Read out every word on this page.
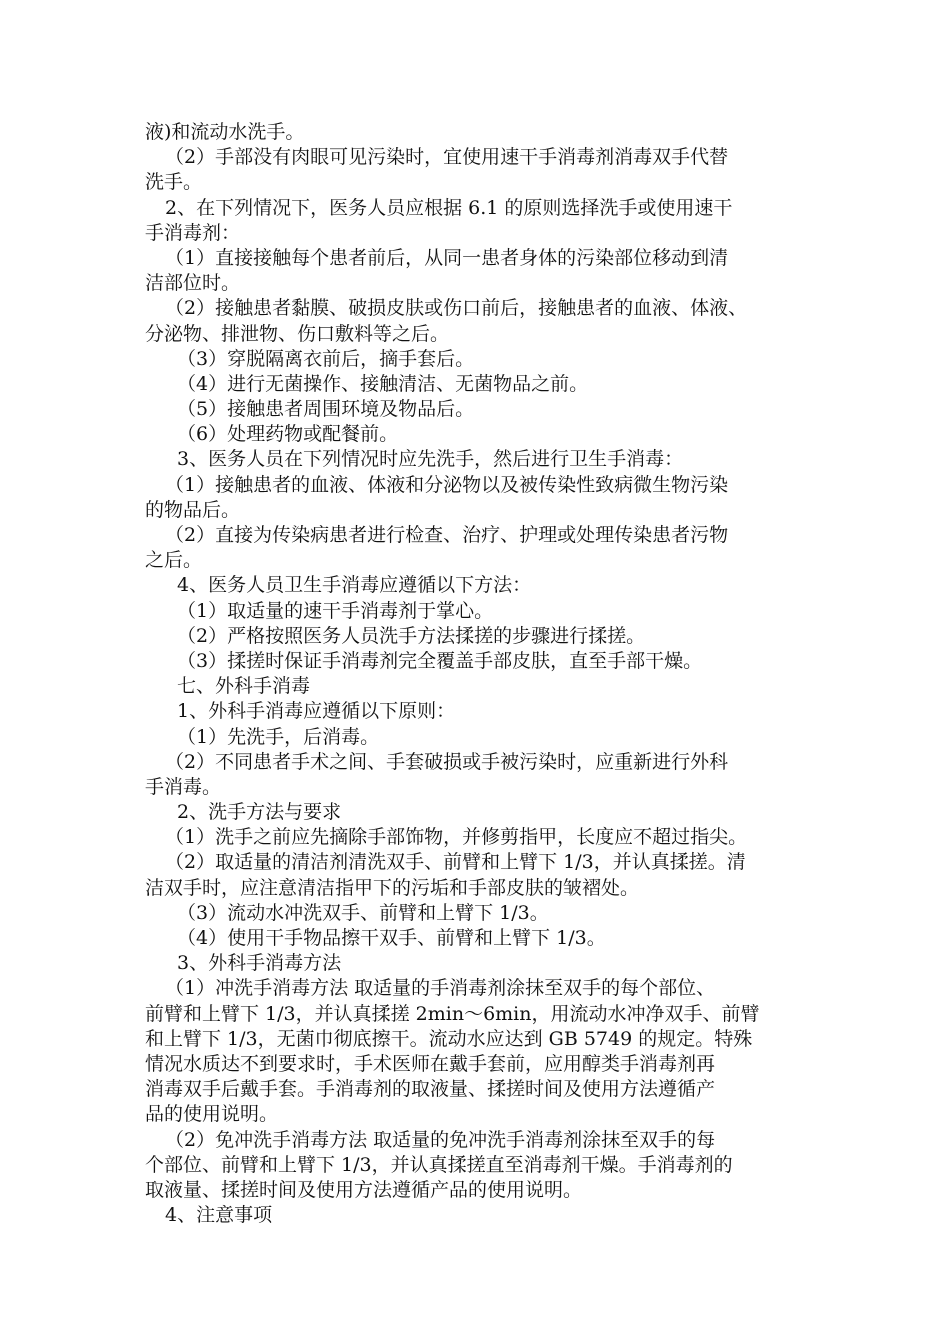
液)和流动水洗手。
（2）手部没有肉眼可见污染时，宜使用速干手消毒剂消毒双手代替
洗手。
2、在下列情况下，医务人员应根据 6.1 的原则选择洗手或使用速干
手消毒剂：
（1）直接接触每个患者前后，从同一患者身体的污染部位移动到清
洁部位时。
（2）接触患者黏膜、破损皮肤或伤口前后，接触患者的血液、体液、
分泌物、排泄物、伤口敷料等之后。
（3）穿脱隔离衣前后，摘手套后。
（4）进行无菌操作、接触清洁、无菌物品之前。
（5）接触患者周围环境及物品后。
（6）处理药物或配餐前。
3、医务人员在下列情况时应先洗手，然后进行卫生手消毒：
（1）接触患者的血液、体液和分泌物以及被传染性致病微生物污染
的物品后。
（2）直接为传染病患者进行检查、治疗、护理或处理传染患者污物
之后。
4、医务人员卫生手消毒应遵循以下方法：
（1）取适量的速干手消毒剂于掌心。
（2）严格按照医务人员洗手方法揉搓的步骤进行揉搓。
（3）揉搓时保证手消毒剂完全覆盖手部皮肤，直至手部干燥。
七、外科手消毒
1、外科手消毒应遵循以下原则：
（1）先洗手，后消毒。
（2）不同患者手术之间、手套破损或手被污染时，应重新进行外科
手消毒。
2、洗手方法与要求
（1）洗手之前应先摘除手部饰物，并修剪指甲，长度应不超过指尖。
（2）取适量的清洁剂清洗双手、前臂和上臂下 1/3，并认真揉搓。清
洁双手时，应注意清洁指甲下的污垢和手部皮肤的皱褶处。
（3）流动水冲洗双手、前臂和上臂下 1/3。
（4）使用干手物品擦干双手、前臂和上臂下 1/3。
3、外科手消毒方法
（1）冲洗手消毒方法 取适量的手消毒剂涂抹至双手的每个部位、
前臂和上臂下 1/3，并认真揉搓 2min～6min，用流动水冲净双手、前臂
和上臂下 1/3，无菌巾彻底擦干。流动水应达到 GB 5749 的规定。特殊
情况水质达不到要求时，手术医师在戴手套前，应用醇类手消毒剂再
消毒双手后戴手套。手消毒剂的取液量、揉搓时间及使用方法遵循产
品的使用说明。
（2）免冲洗手消毒方法 取适量的免冲洗手消毒剂涂抹至双手的每
个部位、前臂和上臂下 1/3，并认真揉搓直至消毒剂干燥。手消毒剂的
取液量、揉搓时间及使用方法遵循产品的使用说明。
4、注意事项
